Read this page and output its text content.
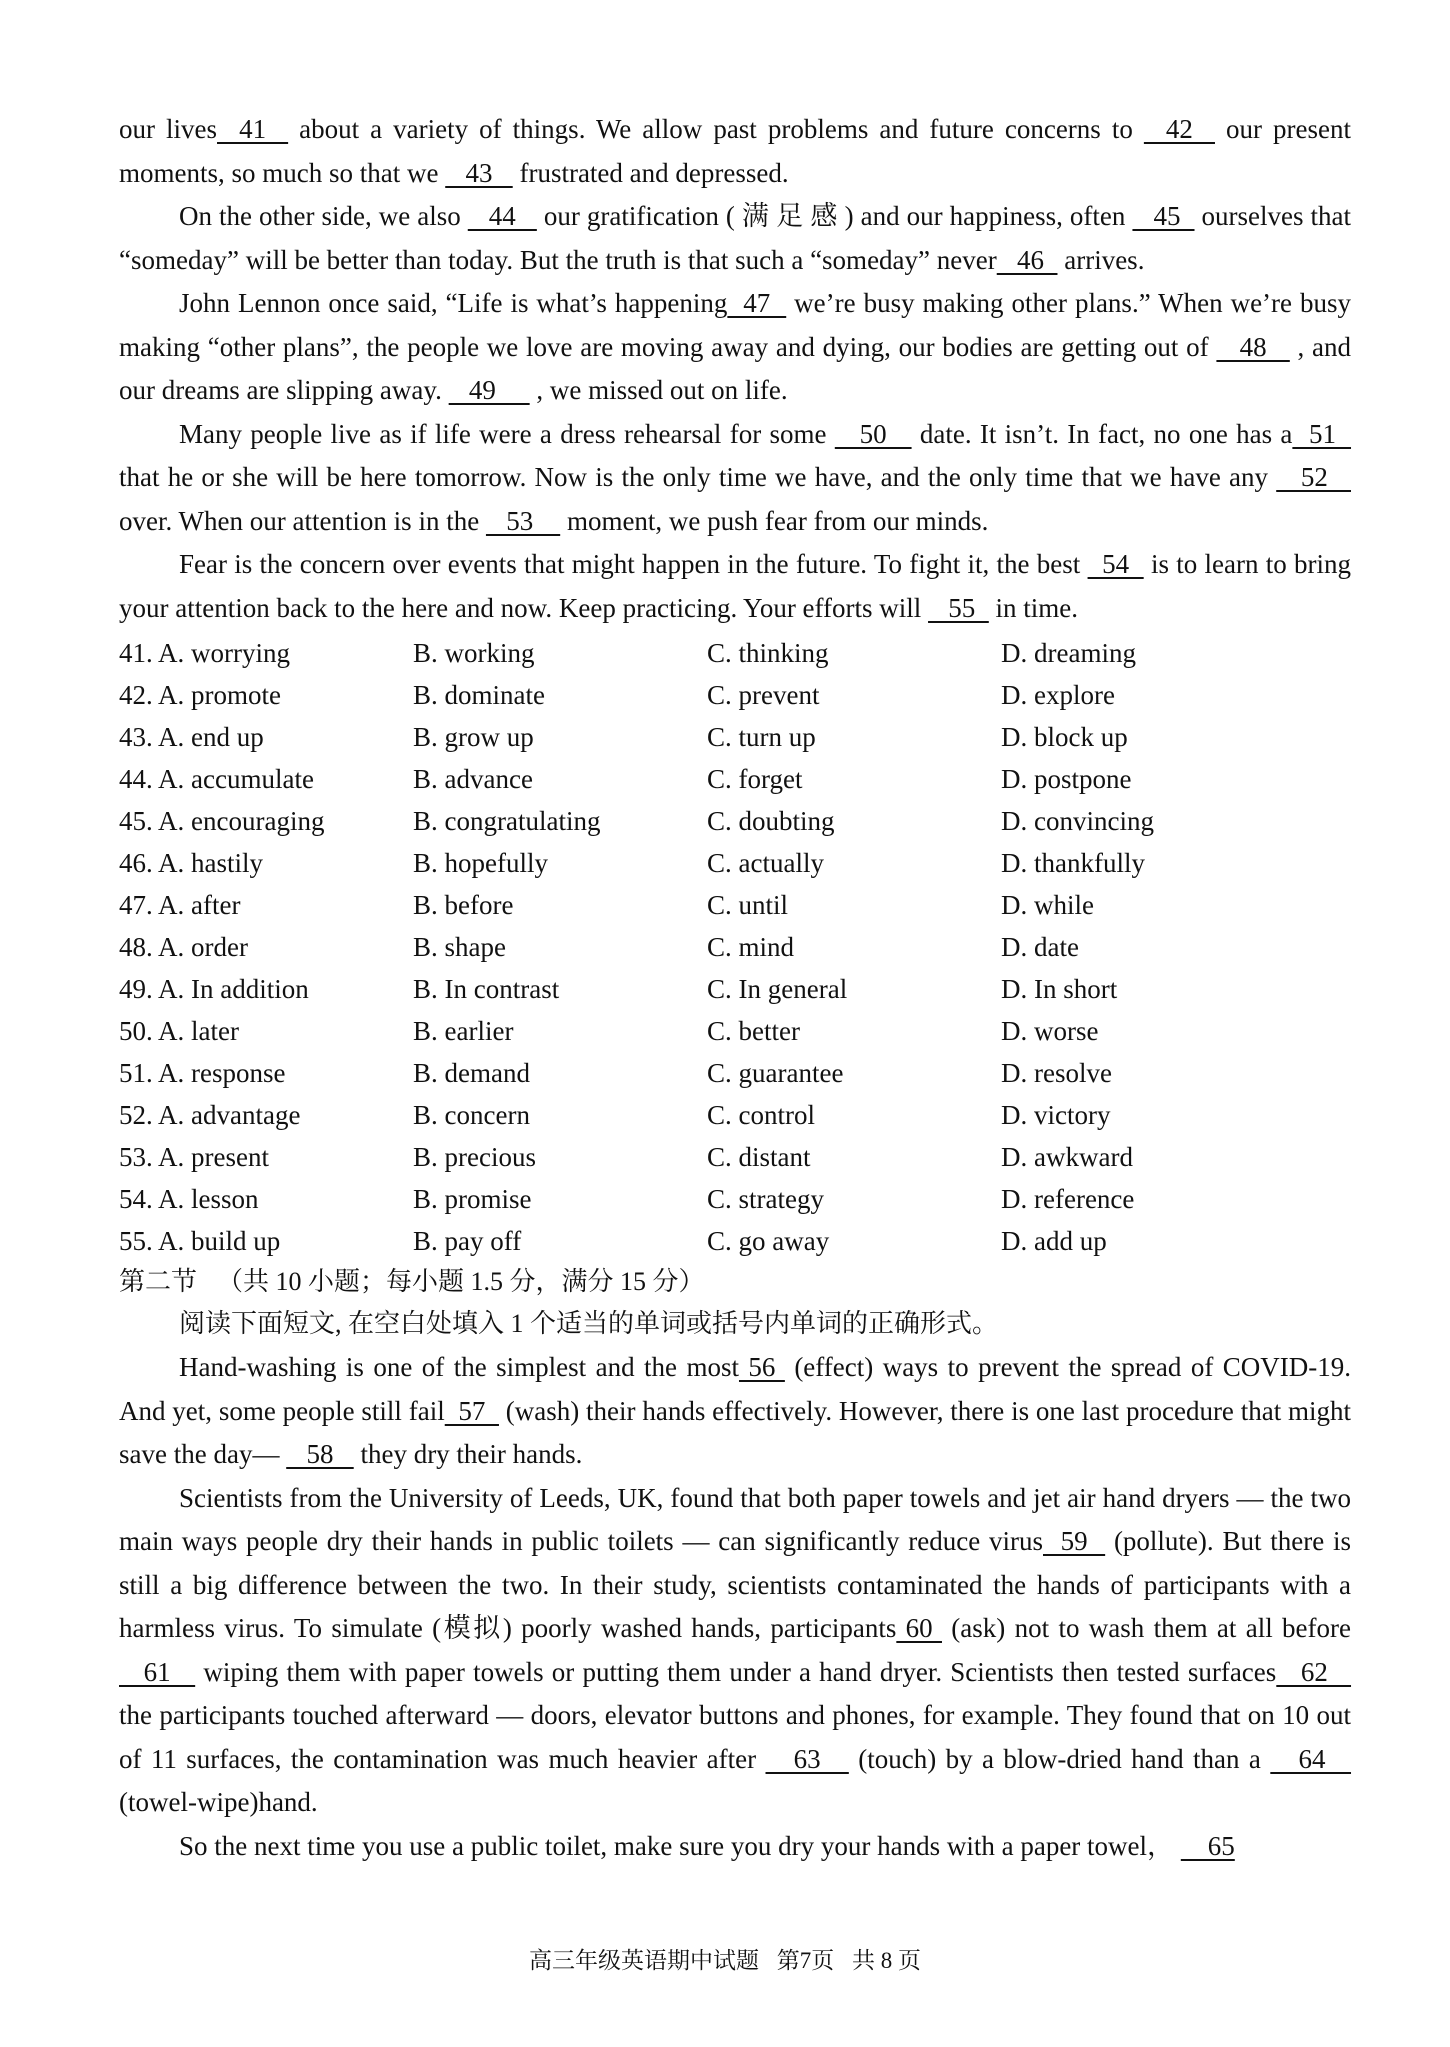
our lives  41   about a variety of things. We allow past problems and future concerns to   42   our present moments, so much so that we    43    frustrated and depressed.

On the other side, we also    44    our gratification ( 满 足 感 ) and our happiness, often    45   ourselves that “someday” will be better than today. But the truth is that such a “someday” never   46   arrives.

John Lennon once said, “Life is what’s happening  47   we’re busy making other plans.” When we’re busy making “other plans”, the people we love are moving away and dying, our bodies are getting out of    48    , and our dreams are slipping away.    49      , we missed out on life.

Many people live as if life were a dress rehearsal for some    50    date. It isn’t. In fact, no one has a  51   that he or she will be here tomorrow. Now is the only time we have, and the only time that we have any    52    over. When our attention is in the    53     moment, we push fear from our minds.

Fear is the concern over events that might happen in the future. To fight it, the best   54   is to learn to bring your attention back to the here and now. Keep practicing. Your efforts will    55   in time.

41. A. worrying	B. working	C. thinking	D. dreaming
42. A. promote	B. dominate	C. prevent	D. explore
43. A. end up	B. grow up	C. turn up	D. block up
44. A. accumulate	B. advance	C. forget	D. postpone
45. A. encouraging	B. congratulating	C. doubting	D. convincing
46. A. hastily	B. hopefully	C. actually	D. thankfully
47. A. after	B. before	C. until	D. while
48. A. order	B. shape	C. mind	D. date
49. A. In addition	B. In contrast	C. In general	D. In short
50. A. later	B. earlier	C. better	D. worse
51. A. response	B. demand	C. guarantee	D. resolve
52. A. advantage	B. concern	C. control	D. victory
53. A. present	B. precious	C. distant	D. awkward
54. A. lesson	B. promise	C. strategy	D. reference
55. A. build up	B. pay off	C. go away	D. add up
第二节 （共 10 小题；每小题 1.5 分，满分 15 分）

阅读下面短文, 在空白处填入 1 个适当的单词或括号内单词的正确形式。

Hand-washing is one of the simplest and the most 56  (effect) ways to prevent the spread of COVID-19. And yet, some people still fail  57   (wash) their hands effectively. However, there is one last procedure that might save the day—    58    they dry their hands.

Scientists from the University of Leeds, UK, found that both paper towels and jet air hand dryers — the two main ways people dry their hands in public toilets — can significantly reduce virus  59   (pollute). But there is still a big difference between the two. In their study, scientists contaminated the hands of participants with a harmless virus. To simulate (模拟) poorly washed hands, participants 60  (ask) not to wash them at all before    61    wiping them with paper towels or putting them under a hand dryer. Scientists then tested surfaces   62    the participants touched afterward — doors, elevator buttons and phones, for example. They found that on 10 out of 11 surfaces, the contamination was much heavier after    63    (touch) by a blow-dried hand than a    64    (towel-wipe)hand.

So the next time you use a public toilet, make sure you dry your hands with a paper towel，     65

高三年级英语期中试题 第7页 共 8 页
